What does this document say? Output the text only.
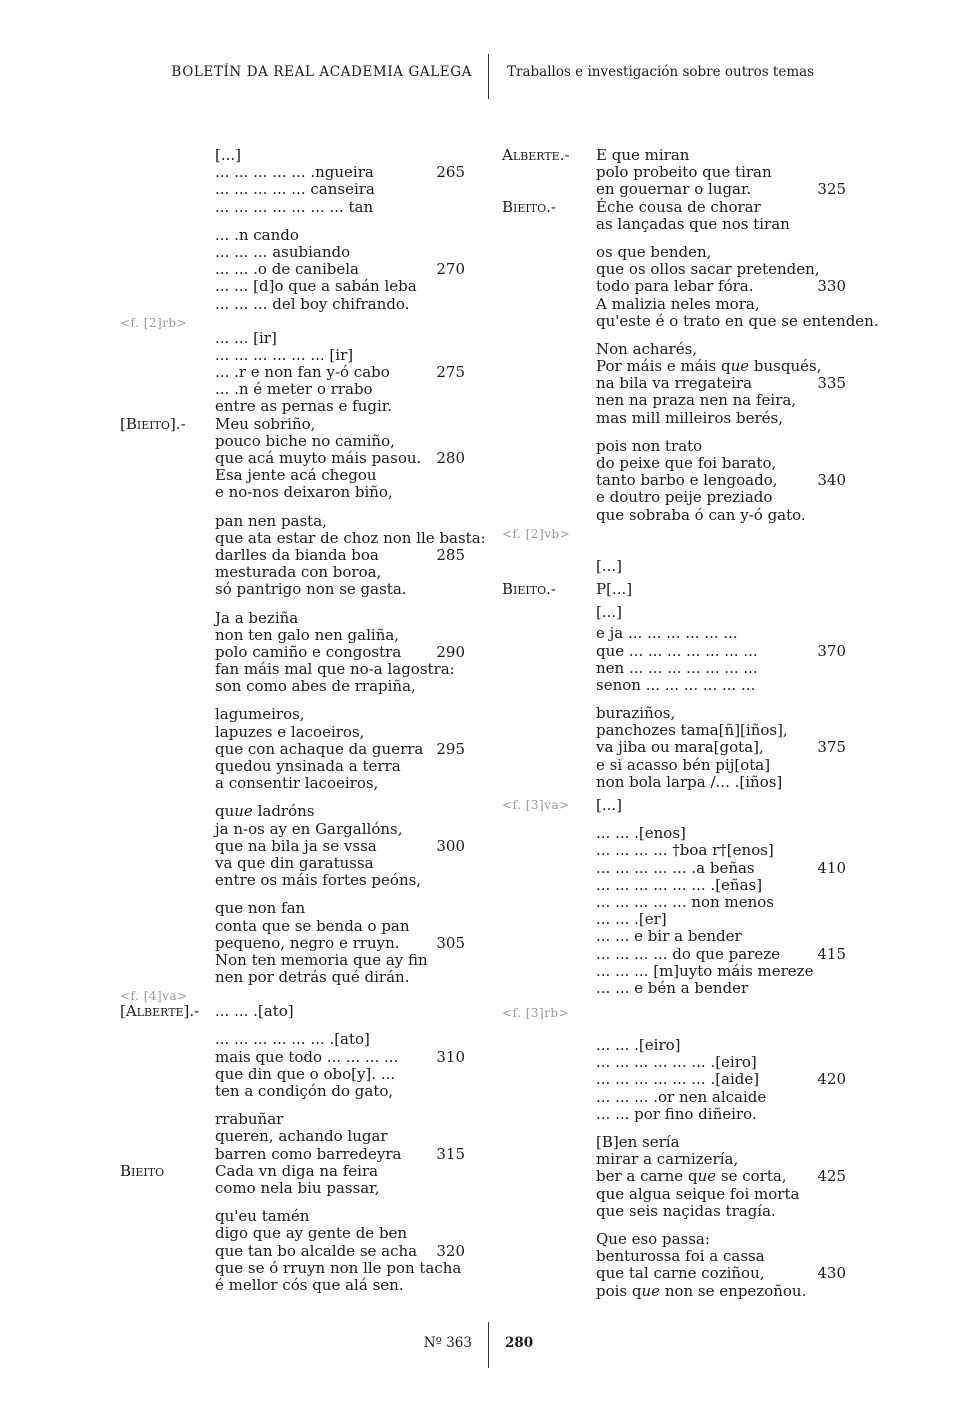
BOLETÍN DA REAL ACADEMIA GALEGA	Traballos e investigación sobre outros temas
[...]
... ... ... ... ... .ngueira	265
... ... ... ... ... canseira
... ... ... ... ... ... ... tan
... .n cando
... ... ... asubiando
... ... .o de canibela	270
... ... [d]o que a sabán leba
... ... ... del boy chifrando.
<f. [2]rb>
... ... [ir]
... ... ... ... ... ... [ir]
... .r e non fan y-ó cabo	275
... .n é meter o rrabo
entre as pernas e fugir.
[Bieito].- Meu sobriño,
pouco biche no camiño,
que acá muyto máis pasou. 280
Esa jente acá chegou
e no-nos deixaron biño,
pan nen pasta,
que ata estar de choz non lle basta:
darlles da bianda boa	285
mesturada con boroa,
só pantrigo non se gasta.
Ja a beziña
non ten galo nen galiña,
polo camiño e congostra 290
fan máis mal que no-a lagostra:
son como abes de rrapiña,
lagumeiros,
lapuzes e lacoeiros,
que con achaque da guerra 295
quedou ynsinada a terra
a consentir lacoeiros,
quue ladróns
ja n-os ay en Gargallóns,
que na bila ja se vssa	300
va que din garatussa
entre os máis fortes peóns,
que non fan
conta que se benda o pan
pequeno, negro e rruyn. 305
Non ten memoria que ay fin
nen por detrás qué dirán.
<f. [4]va>
[Alberte].- ... ... .[ato]
... ... ... ... ... ... .[ato]
mais que todo ... ... ... ...	310
que din que o obo[y]. ...
ten a condiçón do gato,
rrabuñar
queren, achando lugar
barren como barredeyra 315
Bieito	Cada vn diga na feira
como nela biu passar,
qu'eu tamén
digo que ay gente de ben
que tan bo alcalde se acha 320
que se ó rruyn non lle pon tacha
é mellor cós que alá sen.
Alberte.- E que miran
polo probeito que tiran
en gouernar o lugar.	325
Bieito.-	Éche cousa de chorar
as lançadas que nos tiran
os que benden,
que os ollos sacar pretenden,
todo para lebar fóra.	330
A malizia neles mora,
qu'este é o trato en que se entenden.
Non acharés,
Por máis e máis que busqués,
na bila va rregateira	335
nen na praza nen na feira,
mas mill milleiros berés,
pois non trato
do peixe que foi barato,
tanto barbo e lengoado,	340
e doutro peije preziado
que sobraba ó can y-ó gato.
<f. [2]vb>
[...]
Bieito.-	P[...]
[...]
e ja ... ... ... ... ... ...
que ... ... ... ... ... ... ...	370
nen ... ... ... ... ... ... ...
senon ... ... ... ... ... ...
buraziños,
panchozes tama[ñ][iños],
va jiba ou mara[gota],	375
e si acasso bén pij[ota]
non bola larpa /... .[iños]
<f. [3]va> [...]
... ... .[enos]
... ... ... ... †boa r†[enos]
... ... ... ... ... .a beñas	410
... ... ... ... ... ... .[eñas]
... ... ... ... ... non menos
... ... .[er]
... ... e bir a bender
... ... ... ... do que pareze 415
... ... ... [m]uyto máis mereze
... ... e bén a bender
<f. [3]rb>
... ... .[eiro]
... ... ... ... ... ... .[eiro]
... ... ... ... ... ... .[aide]	420
... ... ... .or nen alcaide
... ... por fino diñeiro.
[B]en sería
mirar a carnizería,
ber a carne que se corta, 425
que algua seique foi morta
que seis naçidas tragía.
Que eso passa:
benturossa foi a cassa
que tal carne coziñou,	430
pois que non se enpezoñou.
Nº 363 280
